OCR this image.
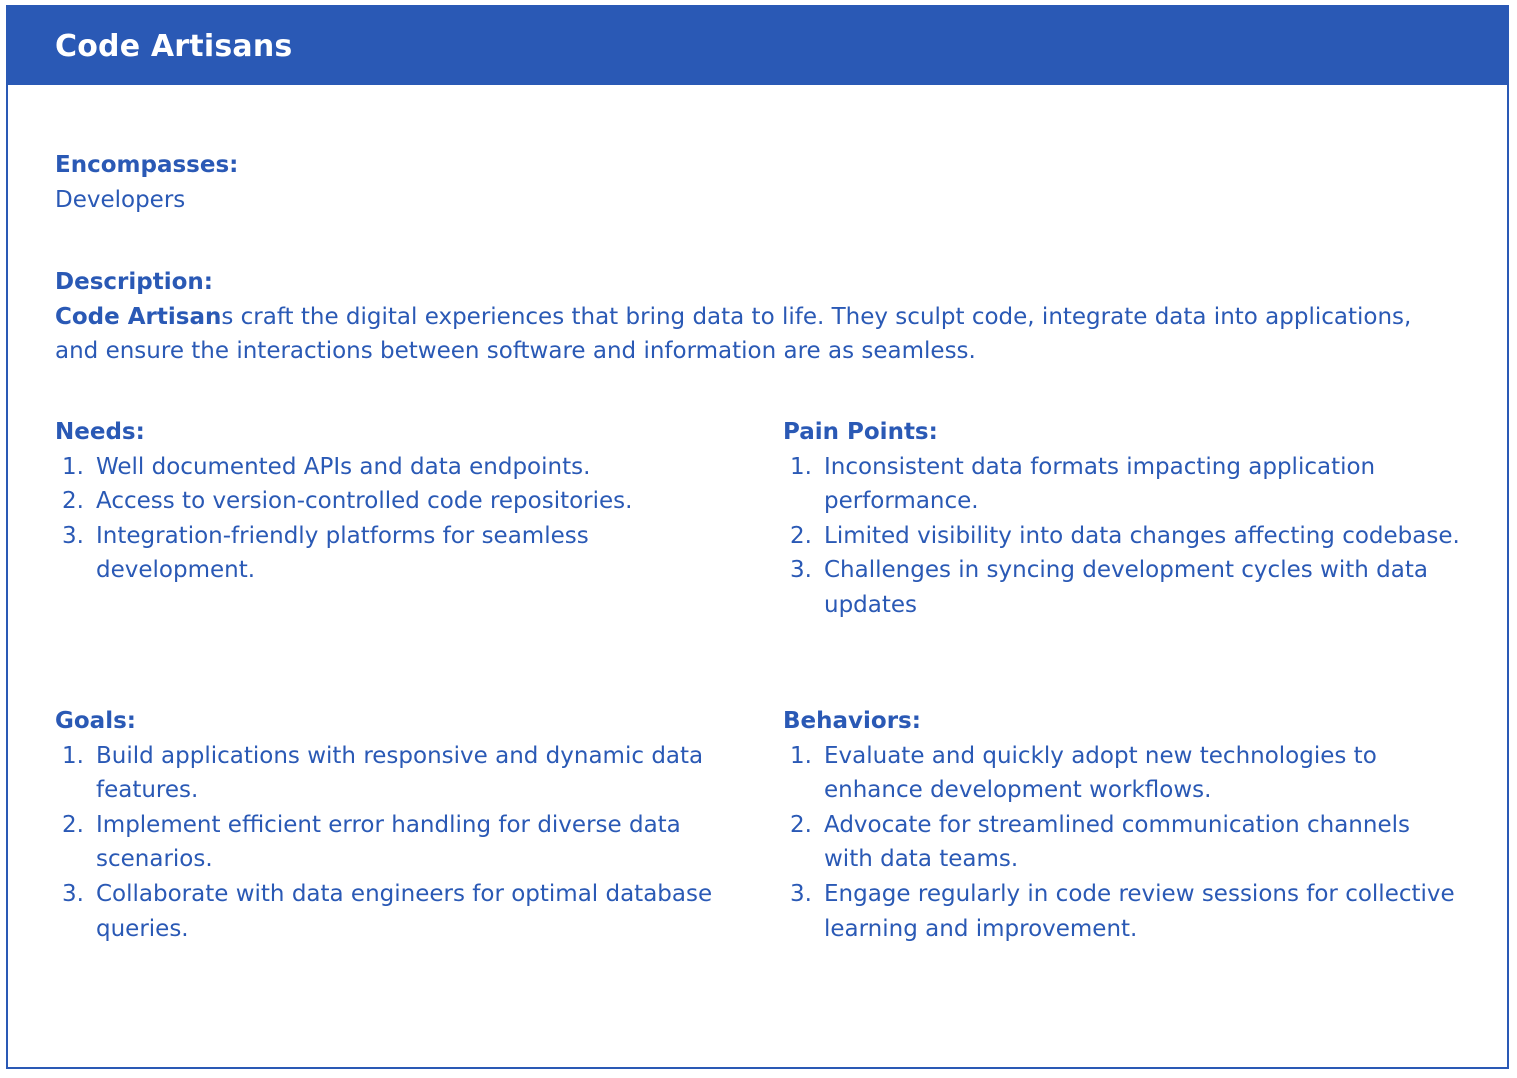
Code Artisans

Encompasses:

Developers

Description:

Code Artisans craft the digital experiences that bring data to life. They sculpt code, integrate data into applications, and ensure the interactions between software and information are as seamless.

Needs:

1. Well documented APIs and data endpoints.
2. Access to version-controlled code repositories.
3. Integration-friendly platforms for seamless development.

Pain Points:

1. Inconsistent data formats impacting application performance.
2. Limited visibility into data changes affecting codebase.
3. Challenges in syncing development cycles with data updates

Goals:

1. Build applications with responsive and dynamic data features.
2. Implement efficient error handling for diverse data scenarios.
3. Collaborate with data engineers for optimal database queries.

Behaviors:

1. Evaluate and quickly adopt new technologies to enhance development workflows.
2. Advocate for streamlined communication channels with data teams.
3. Engage regularly in code review sessions for collective learning and improvement.
